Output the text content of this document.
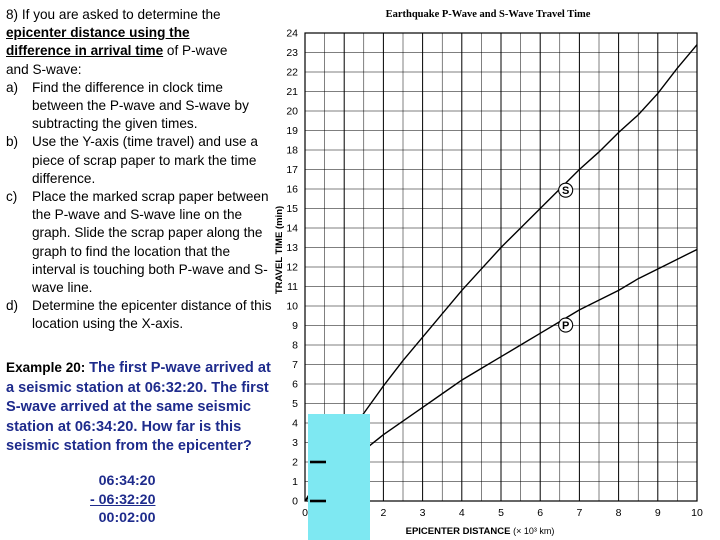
8) If you are asked to determine the
epicenter distance using the
difference in arrival time of P-wave
and S-wave:
a)	Find the difference in clock time between the P-wave and S-wave by subtracting the given times.
b)	Use the Y-axis (time travel) and use a piece of scrap paper to mark the time difference.
c)	Place the marked scrap paper between the P-wave and S-wave line on the graph. Slide the scrap paper along the graph to find the location that the interval is touching both P-wave and S-wave line.
d)	Determine the epicenter distance of this location using the X-axis.
Example 20: The first P-wave arrived at a seismic station at 06:32:20. The first S-wave arrived at the same seismic station at 06:34:20. How far is this seismic station from the epicenter?
06:34:20
- 06:32:20
00:02:00
Earthquake P-Wave and S-Wave Travel Time
0
1
2
3
4
5
6
7
8
9
10
11
12
13
14
15
16
17
18
19
20
21
22
23
24
0	2	3	4	5	6	7	8	9	10
S
P
TRAVEL TIME (min)
EPICENTER DISTANCE (× 10³ km)
